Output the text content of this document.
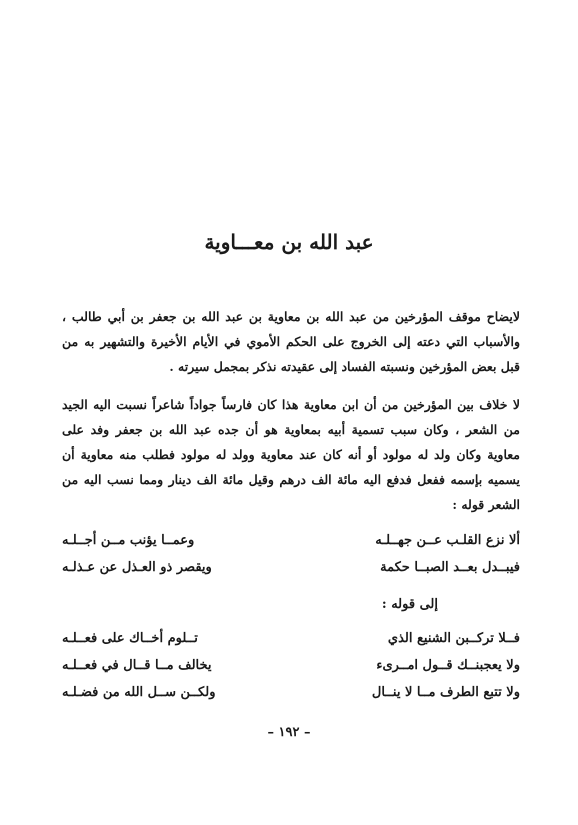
عبد الله بن معـــاوية
لايضاح موقف المؤرخين من عبد الله بن معاوية بن عبد الله بن جعفر بن أبي طالب ، والأسباب التي دعته إلى الخروج على الحكم الأموي في الأيام الأخيرة والتشهير به من قبل بعض المؤرخين ونسبته الفساد إلى عقيدته نذكر بمجمل سيرته .
لا خلاف بين المؤرخين من أن ابن معاوية هذا كان فارساً جواداً شاعراً نسبت اليه الجيد من الشعر ، وكان سبب تسمية أبيه بمعاوية هو أن جده عبد الله بن جعفر وفد على معاوية وكان ولد له مولود أو أنه كان عند معاوية وولد له مولود فطلب منه معاوية أن يسميه بإسمه ففعل فدفع اليه مائة الف درهم وقيل مائة الف دينار ومما نسب اليه من الشعر قوله :
ألا نزع القلـب عــن جهــلـه
وعمــا يؤنب مــن أجــلـه
فيبــدل بعــد الصبــا حكمة
ويقصر ذو العـذل عن عـذلـه
إلى قوله :
فــلا تركــبن الشنيع الذي
تــلوم أخــاك على فعــلـه
ولا يعجبنــك قــول امــرىء
يخالف مــا قــال في فعــلـه
ولا تتبع الطرف مــا لا ينــال
ولكــن ســل الله من فضـلـه
– ١٩٢ –
